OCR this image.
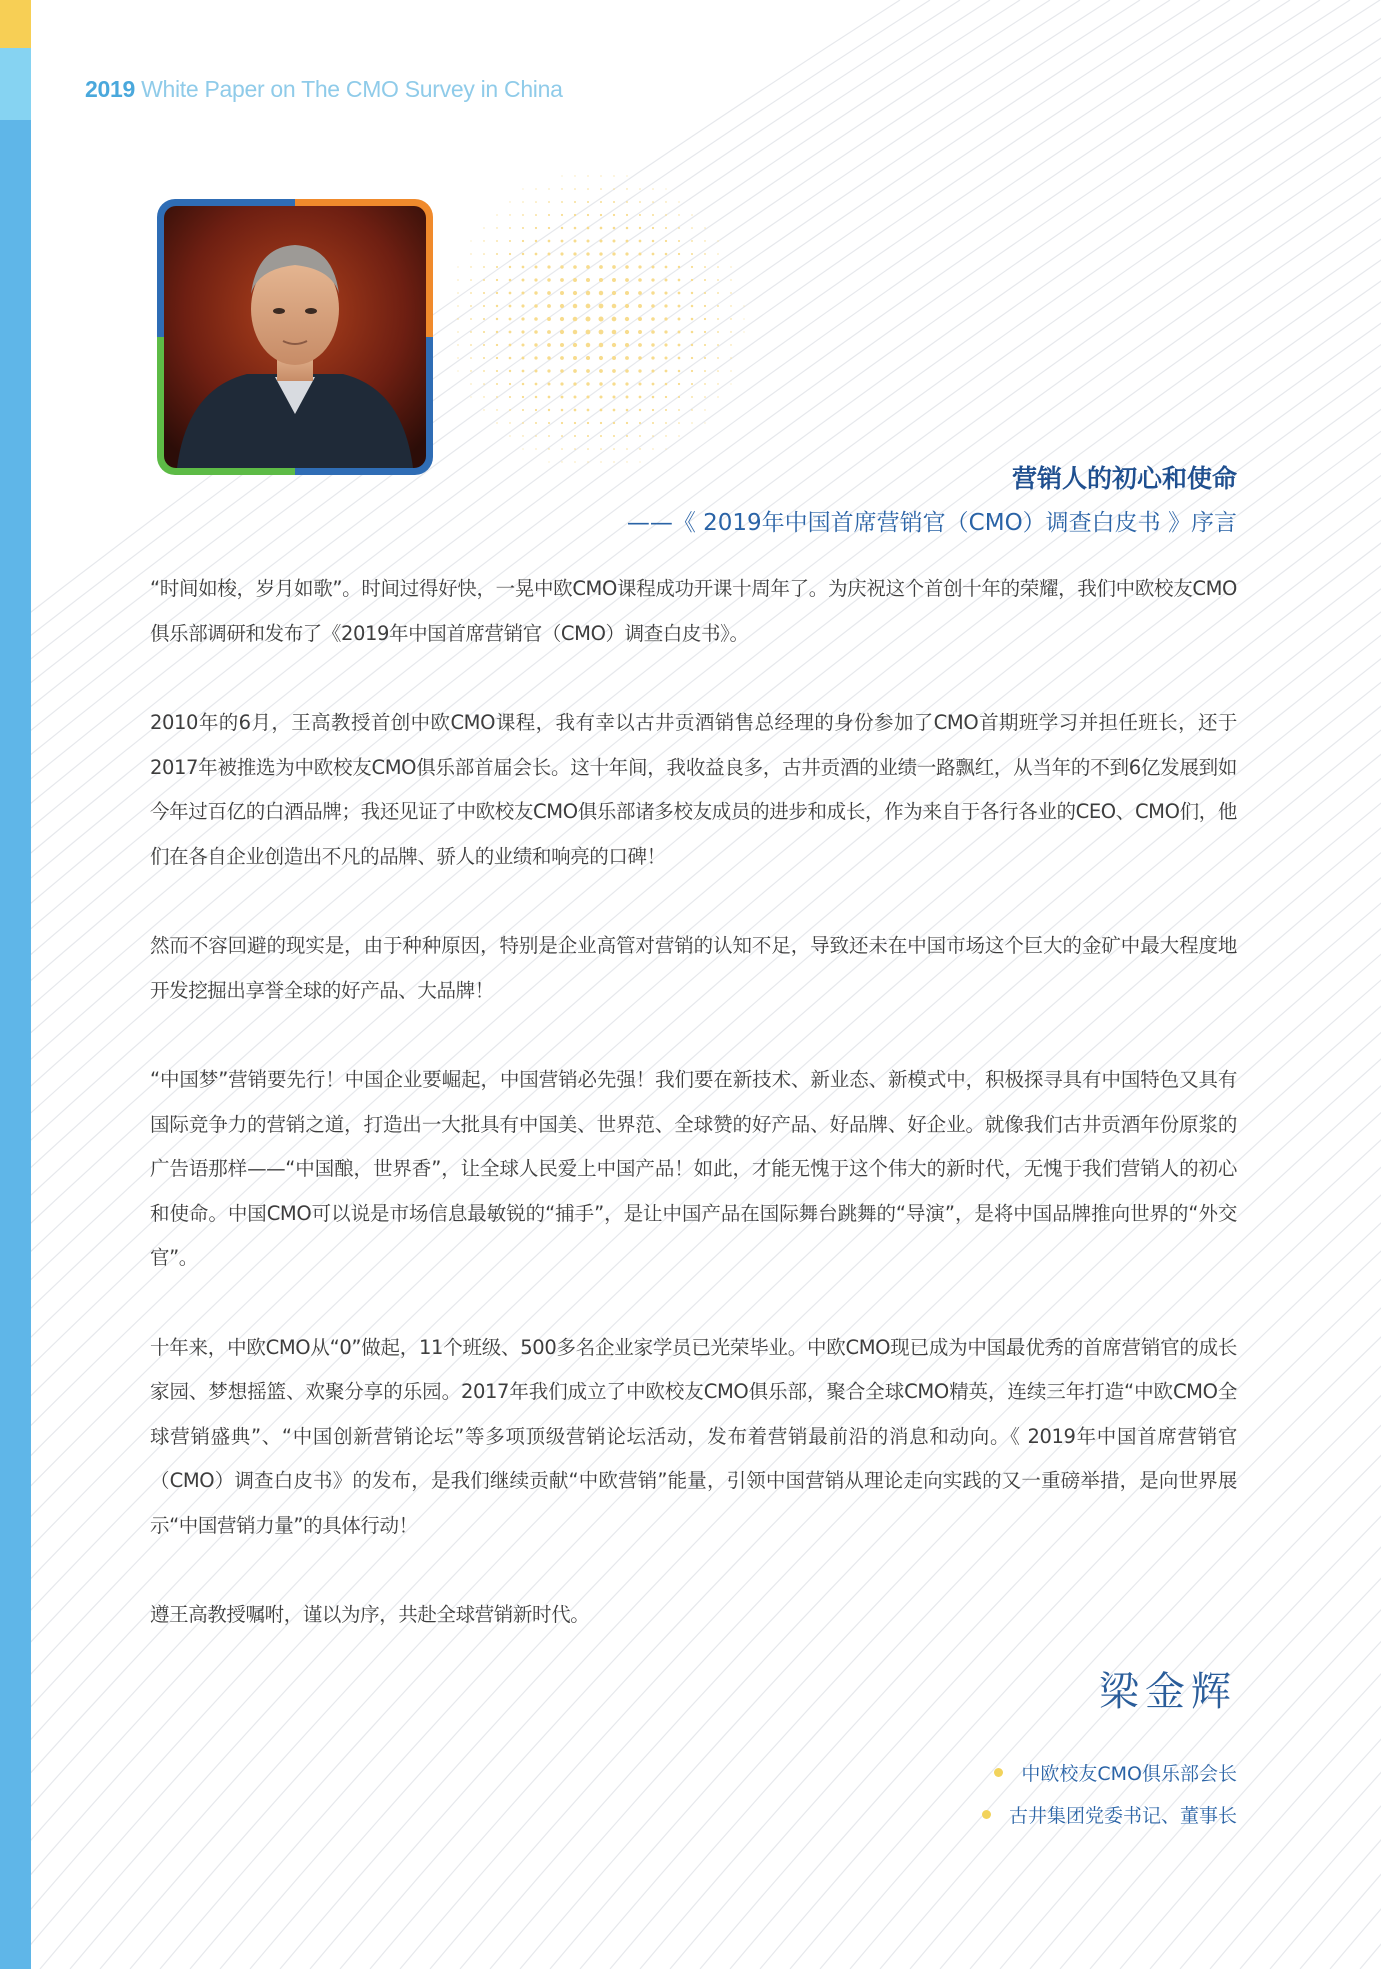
2019 White Paper on The CMO Survey in China
营销人的初心和使命
——《 2019年中国首席营销官（CMO）调查白皮书 》序言

“时间如梭，岁月如歌”。时间过得好快，一晃中欧CMO课程成功开课十周年了。为庆祝这个首创十年的荣耀，我们中欧校友CMO俱乐部调研和发布了《2019年中国首席营销官（CMO）调查白皮书》。

2010年的6月，王高教授首创中欧CMO课程，我有幸以古井贡酒销售总经理的身份参加了CMO首期班学习并担任班长，还于2017年被推选为中欧校友CMO俱乐部首届会长。这十年间，我收益良多，古井贡酒的业绩一路飘红，从当年的不到6亿发展到如今年过百亿的白酒品牌；我还见证了中欧校友CMO俱乐部诸多校友成员的进步和成长，作为来自于各行各业的CEO、CMO们，他们在各自企业创造出不凡的品牌、骄人的业绩和响亮的口碑！

然而不容回避的现实是，由于种种原因，特别是企业高管对营销的认知不足，导致还未在中国市场这个巨大的金矿中最大程度地开发挖掘出享誉全球的好产品、大品牌！

“中国梦”营销要先行！中国企业要崛起，中国营销必先强！我们要在新技术、新业态、新模式中，积极探寻具有中国特色又具有国际竞争力的营销之道，打造出一大批具有中国美、世界范、全球赞的好产品、好品牌、好企业。就像我们古井贡酒年份原浆的广告语那样——“中国酿，世界香”，让全球人民爱上中国产品！如此，才能无愧于这个伟大的新时代，无愧于我们营销人的初心和使命。中国CMO可以说是市场信息最敏锐的“捕手”，是让中国产品在国际舞台跳舞的“导演”，是将中国品牌推向世界的“外交官”。

十年来，中欧CMO从“0”做起，11个班级、500多名企业家学员已光荣毕业。中欧CMO现已成为中国最优秀的首席营销官的成长家园、梦想摇篮、欢聚分享的乐园。2017年我们成立了中欧校友CMO俱乐部，聚合全球CMO精英，连续三年打造“中欧CMO全球营销盛典”、“中国创新营销论坛”等多项顶级营销论坛活动，发布着营销最前沿的消息和动向。《 2019年中国首席营销官（CMO）调查白皮书》的发布，是我们继续贡献“中欧营销”能量，引领中国营销从理论走向实践的又一重磅举措，是向世界展示“中国营销力量”的具体行动！

遵王高教授嘱咐，谨以为序，共赴全球营销新时代。

梁金辉
中欧校友CMO俱乐部会长
古井集团党委书记、董事长
